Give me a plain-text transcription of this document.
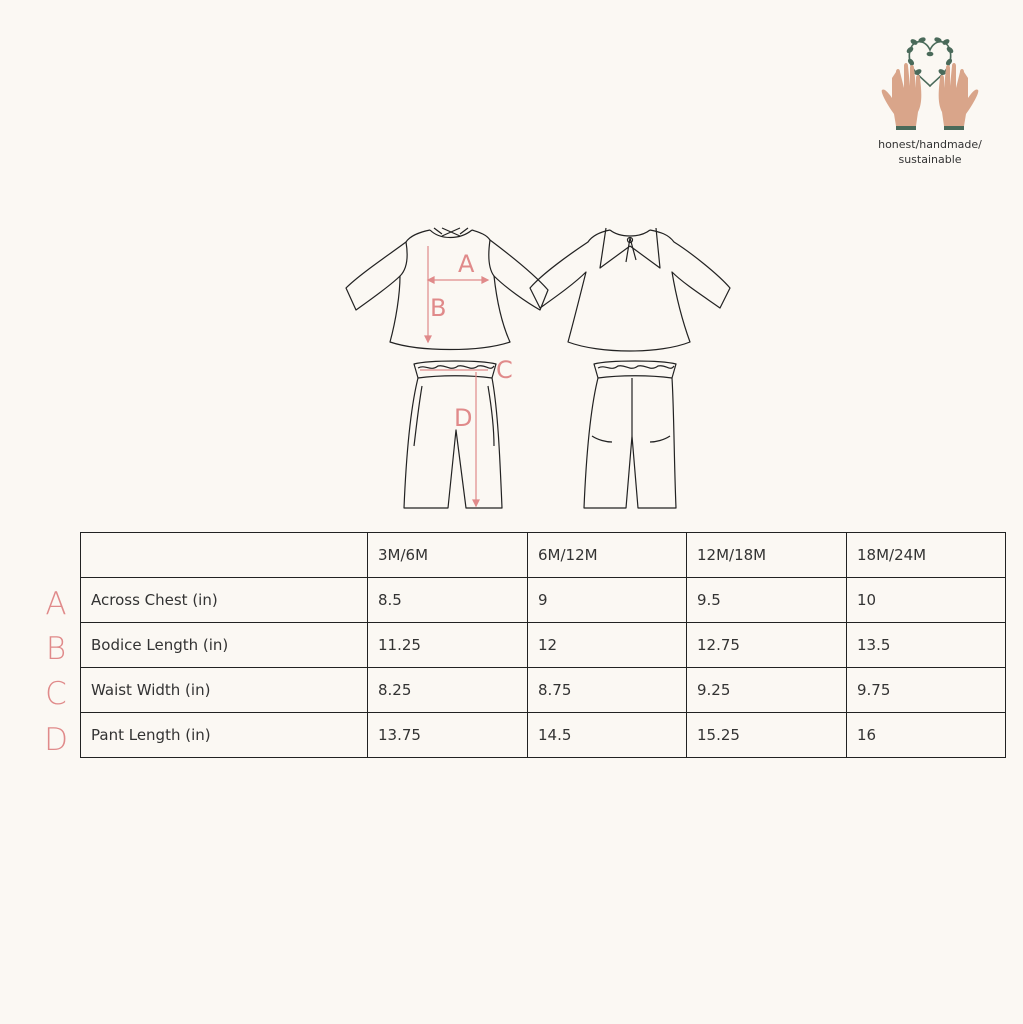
honest/handmade/
sustainable
A
B
C
D
A
B
C
D
	3M/6M	6M/12M	12M/18M	18M/24M
Across Chest (in)	8.5	9	9.5	10
Bodice Length (in)	11.25	12	12.75	13.5
Waist Width (in)	8.25	8.75	9.25	9.75
Pant Length (in)	13.75	14.5	15.25	16
